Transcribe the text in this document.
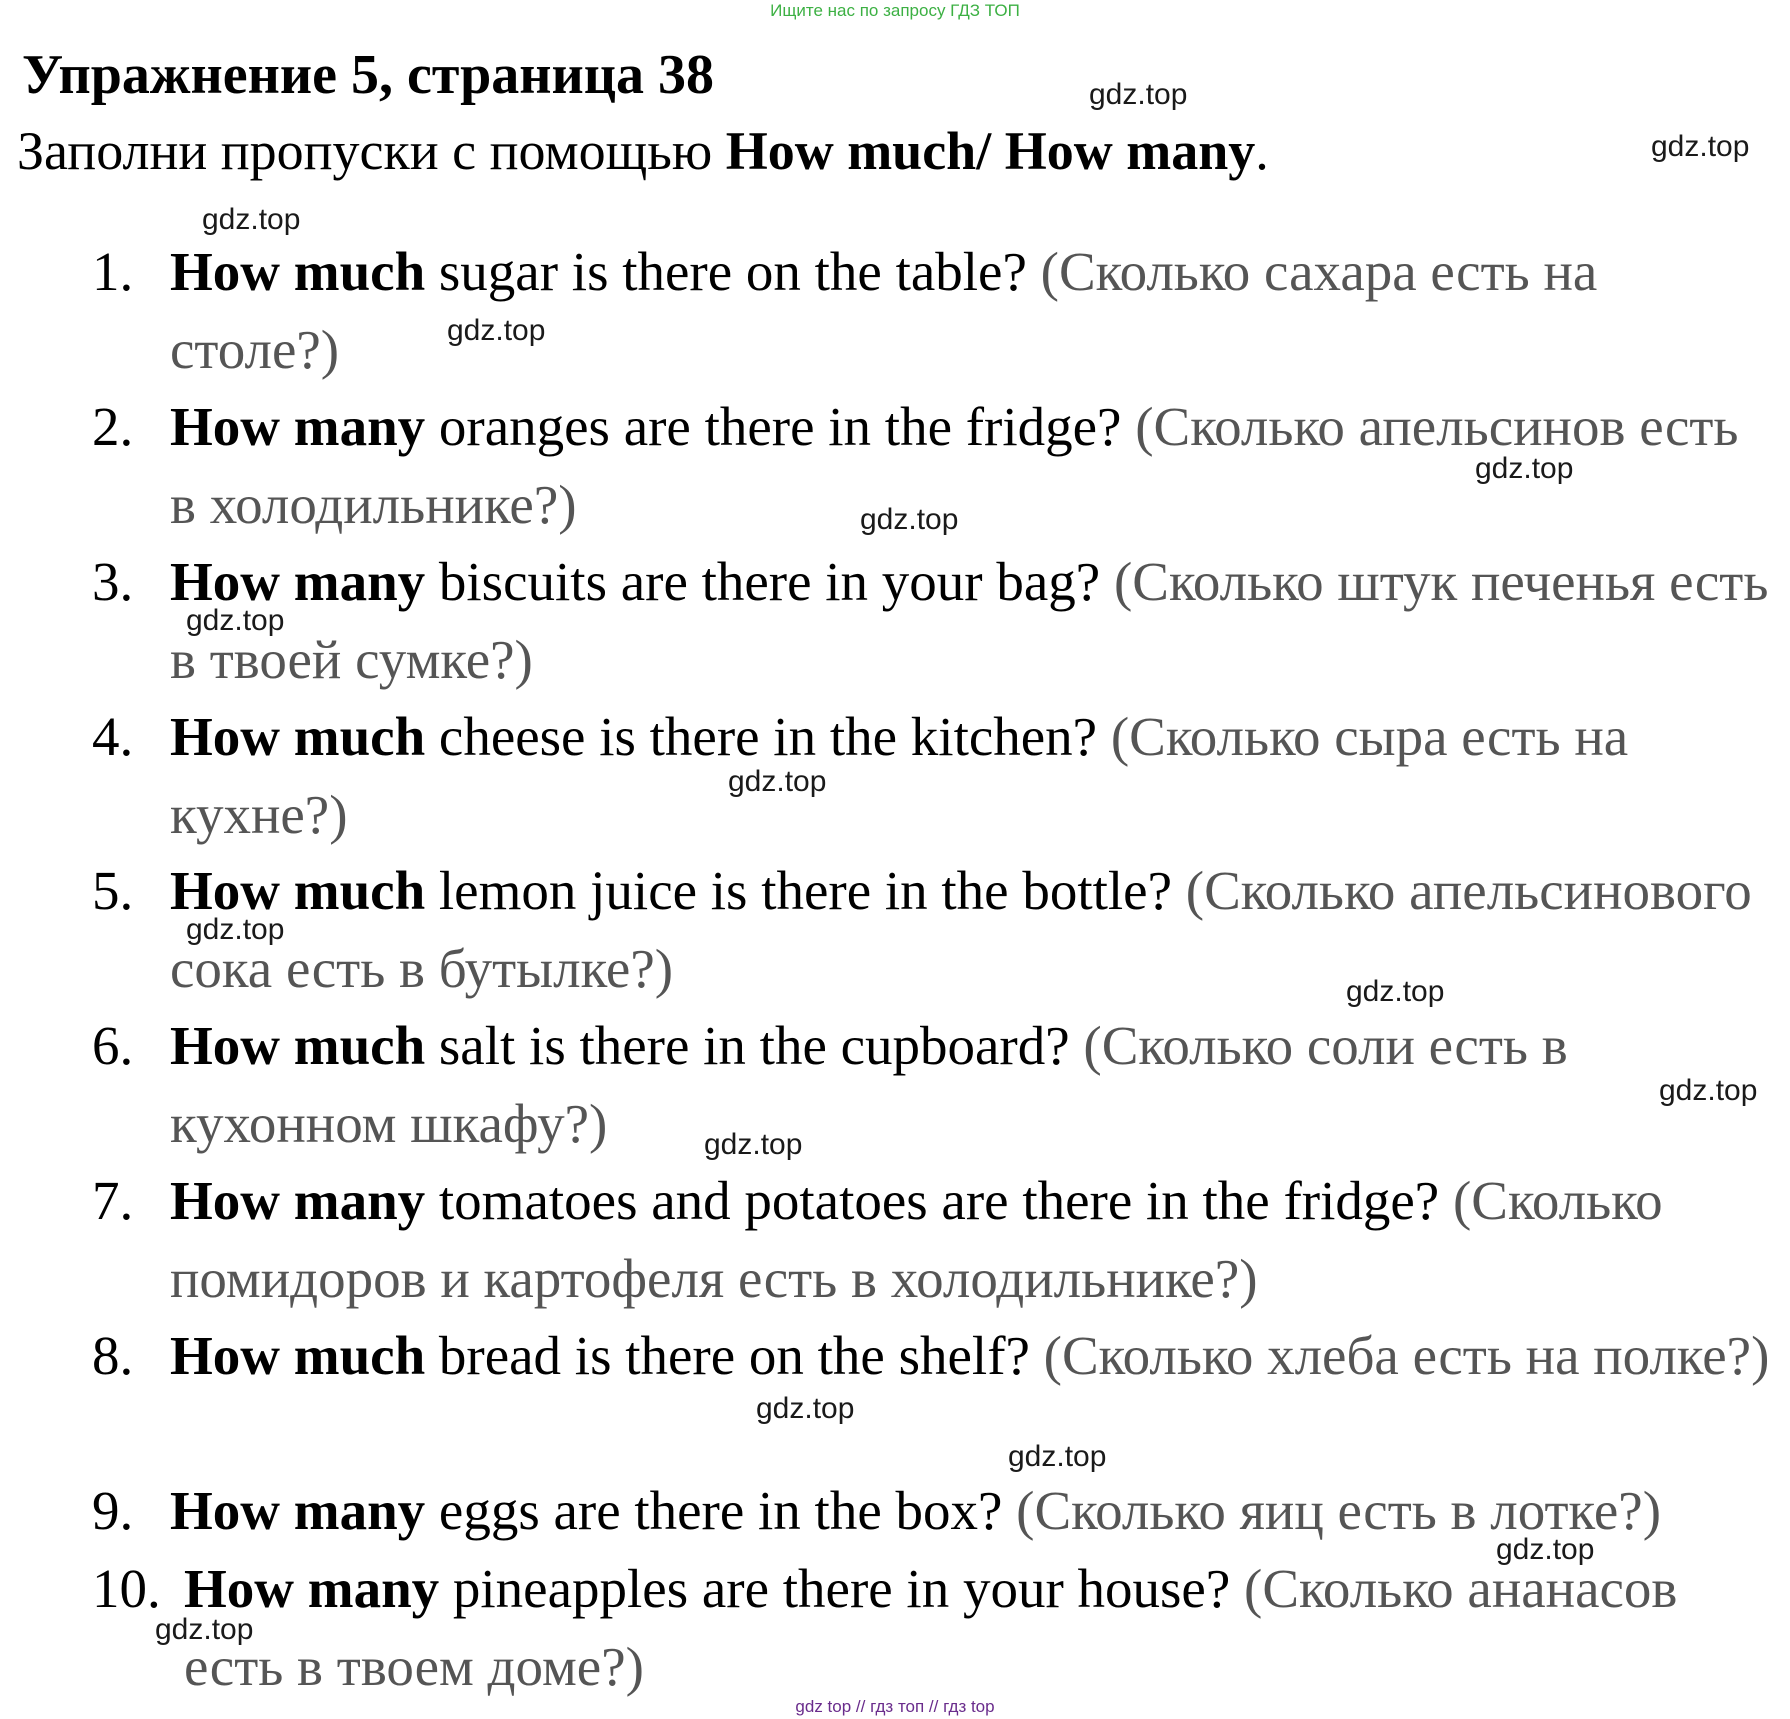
Ищите нас по запросу ГДЗ ТОП
Упражнение 5, страница 38
Заполни пропуски с помощью How much/ How many.
1. How much sugar is there on the table? (Сколько сахара есть на столе?)
2. How many oranges are there in the fridge? (Сколько апельсинов есть в холодильнике?)
3. How many biscuits are there in your bag? (Сколько штук печенья есть в твоей сумке?)
4. How much cheese is there in the kitchen? (Сколько сыра есть на кухне?)
5. How much lemon juice is there in the bottle? (Сколько апельсинового сока есть в бутылке?)
6. How much salt is there in the cupboard? (Сколько соли есть в кухонном шкафу?)
7. How many tomatoes and potatoes are there in the fridge? (Сколько помидоров и картофеля есть в холодильнике?)
8. How much bread is there on the shelf? (Сколько хлеба есть на полке?)
9. How many eggs are there in the box? (Сколько яиц есть в лотке?)
10. How many pineapples are there in your house? (Сколько ананасов есть в твоем доме?)
gdz.top
gdz.top
gdz.top
gdz.top
gdz.top
gdz.top
gdz.top
gdz.top
gdz.top
gdz.top
gdz.top
gdz.top
gdz.top
gdz.top
gdz.top
gdz.top
gdz top // гдз топ // гдз top
